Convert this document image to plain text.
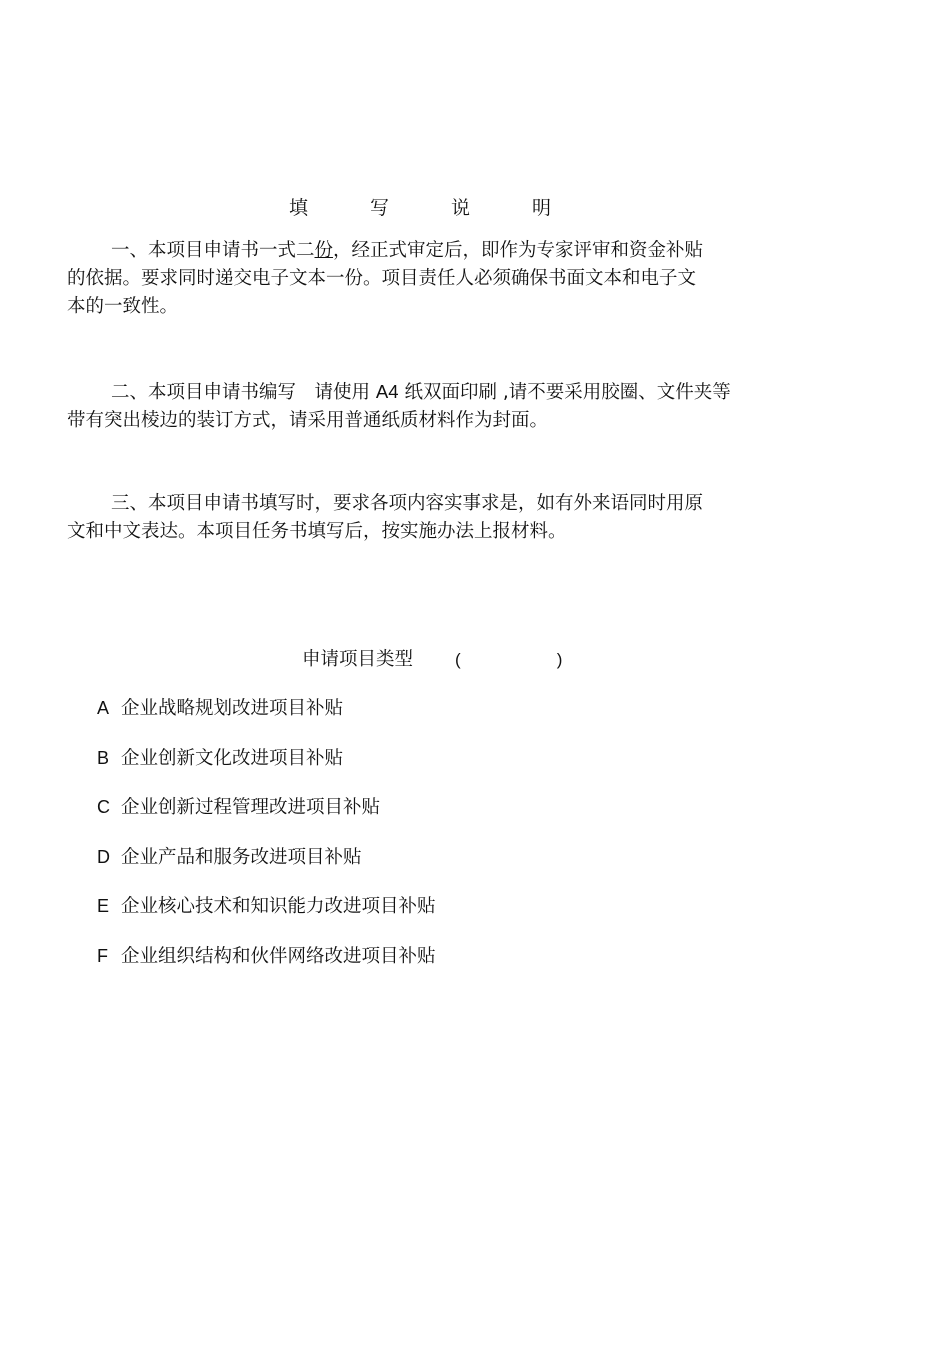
填 写 说 明
一、本项目申请书一式二份，经正式审定后，即作为专家评审和资金补贴
的依据。要求同时递交电子文本一份。项目责任人必须确保书面文本和电子文
本的一致性。
二、本项目申请书编写　请使用 A4 纸双面印刷 ,请不要采用胶圈、文件夹等
带有突出棱边的装订方式，请采用普通纸质材料作为封面。
三、本项目申请书填写时，要求各项内容实事求是，如有外来语同时用原
文和中文表达。本项目任务书填写后，按实施办法上报材料。
申请项目类型 (	)
A 企业战略规划改进项目补贴
B 企业创新文化改进项目补贴
C 企业创新过程管理改进项目补贴
D 企业产品和服务改进项目补贴
E 企业核心技术和知识能力改进项目补贴
F 企业组织结构和伙伴网络改进项目补贴
